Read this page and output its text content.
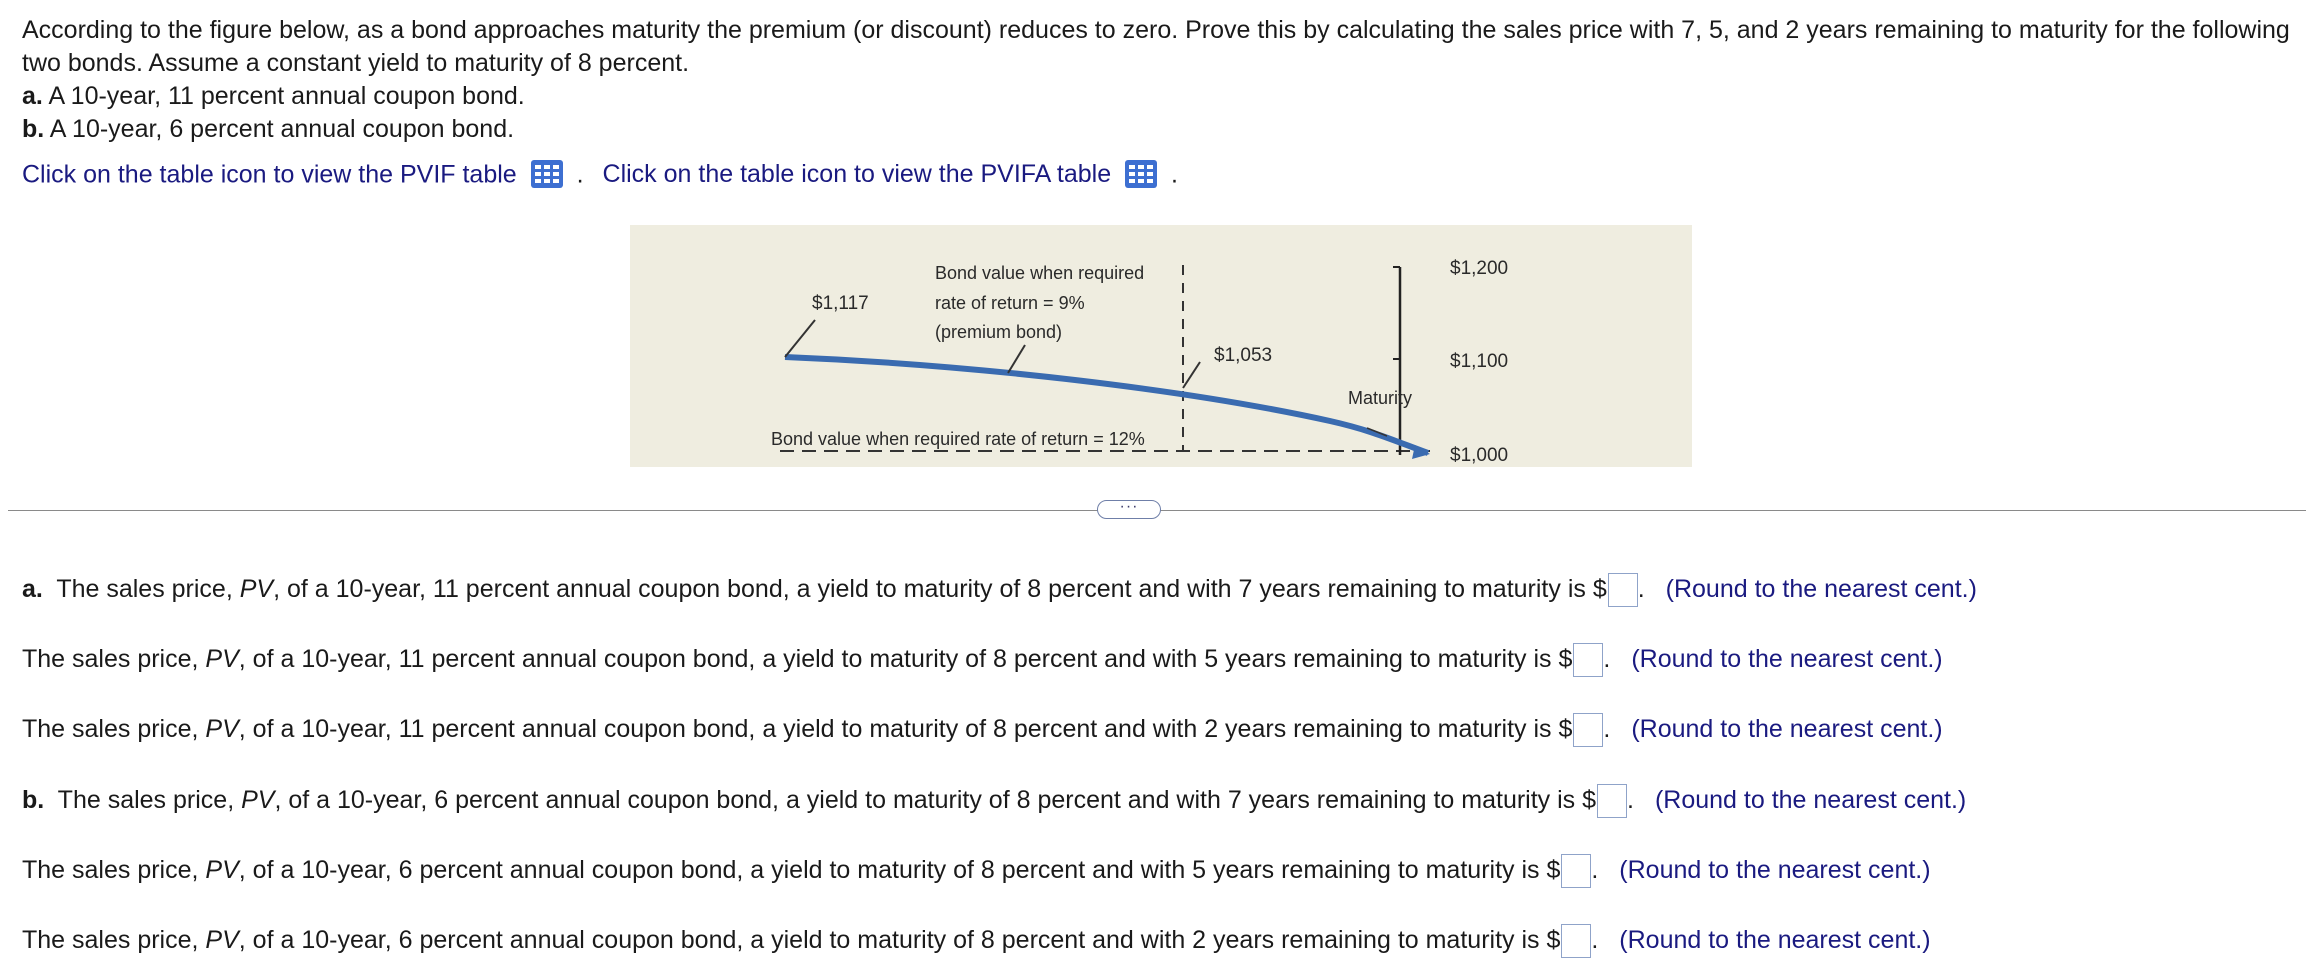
According to the figure below, as a bond approaches maturity the premium (or discount) reduces to zero. Prove this by calculating the sales price with 7, 5, and 2 years remaining to maturity for the following two bonds. Assume a constant yield to maturity of 8 percent.

a. A 10-year, 11 percent annual coupon bond.

b. A 10-year, 6 percent annual coupon bond.

Click on the table icon to view the PVIF table . Click on the table icon to view the PVIFA table .
$1,117
Bond value when required
rate of return = 9%
(premium bond)
$1,053
Maturity
Bond value when required rate of return = 12%
$1,200
$1,100
$1,000
···
a. The sales price, PV, of a 10-year, 11 percent annual coupon bond, a yield to maturity of 8 percent and with 7 years remaining to maturity is $ . (Round to the nearest cent.)
The sales price, PV, of a 10-year, 11 percent annual coupon bond, a yield to maturity of 8 percent and with 5 years remaining to maturity is $ . (Round to the nearest cent.)
The sales price, PV, of a 10-year, 11 percent annual coupon bond, a yield to maturity of 8 percent and with 2 years remaining to maturity is $ . (Round to the nearest cent.)
b. The sales price, PV, of a 10-year, 6 percent annual coupon bond, a yield to maturity of 8 percent and with 7 years remaining to maturity is $ . (Round to the nearest cent.)
The sales price, PV, of a 10-year, 6 percent annual coupon bond, a yield to maturity of 8 percent and with 5 years remaining to maturity is $ . (Round to the nearest cent.)
The sales price, PV, of a 10-year, 6 percent annual coupon bond, a yield to maturity of 8 percent and with 2 years remaining to maturity is $ . (Round to the nearest cent.)
